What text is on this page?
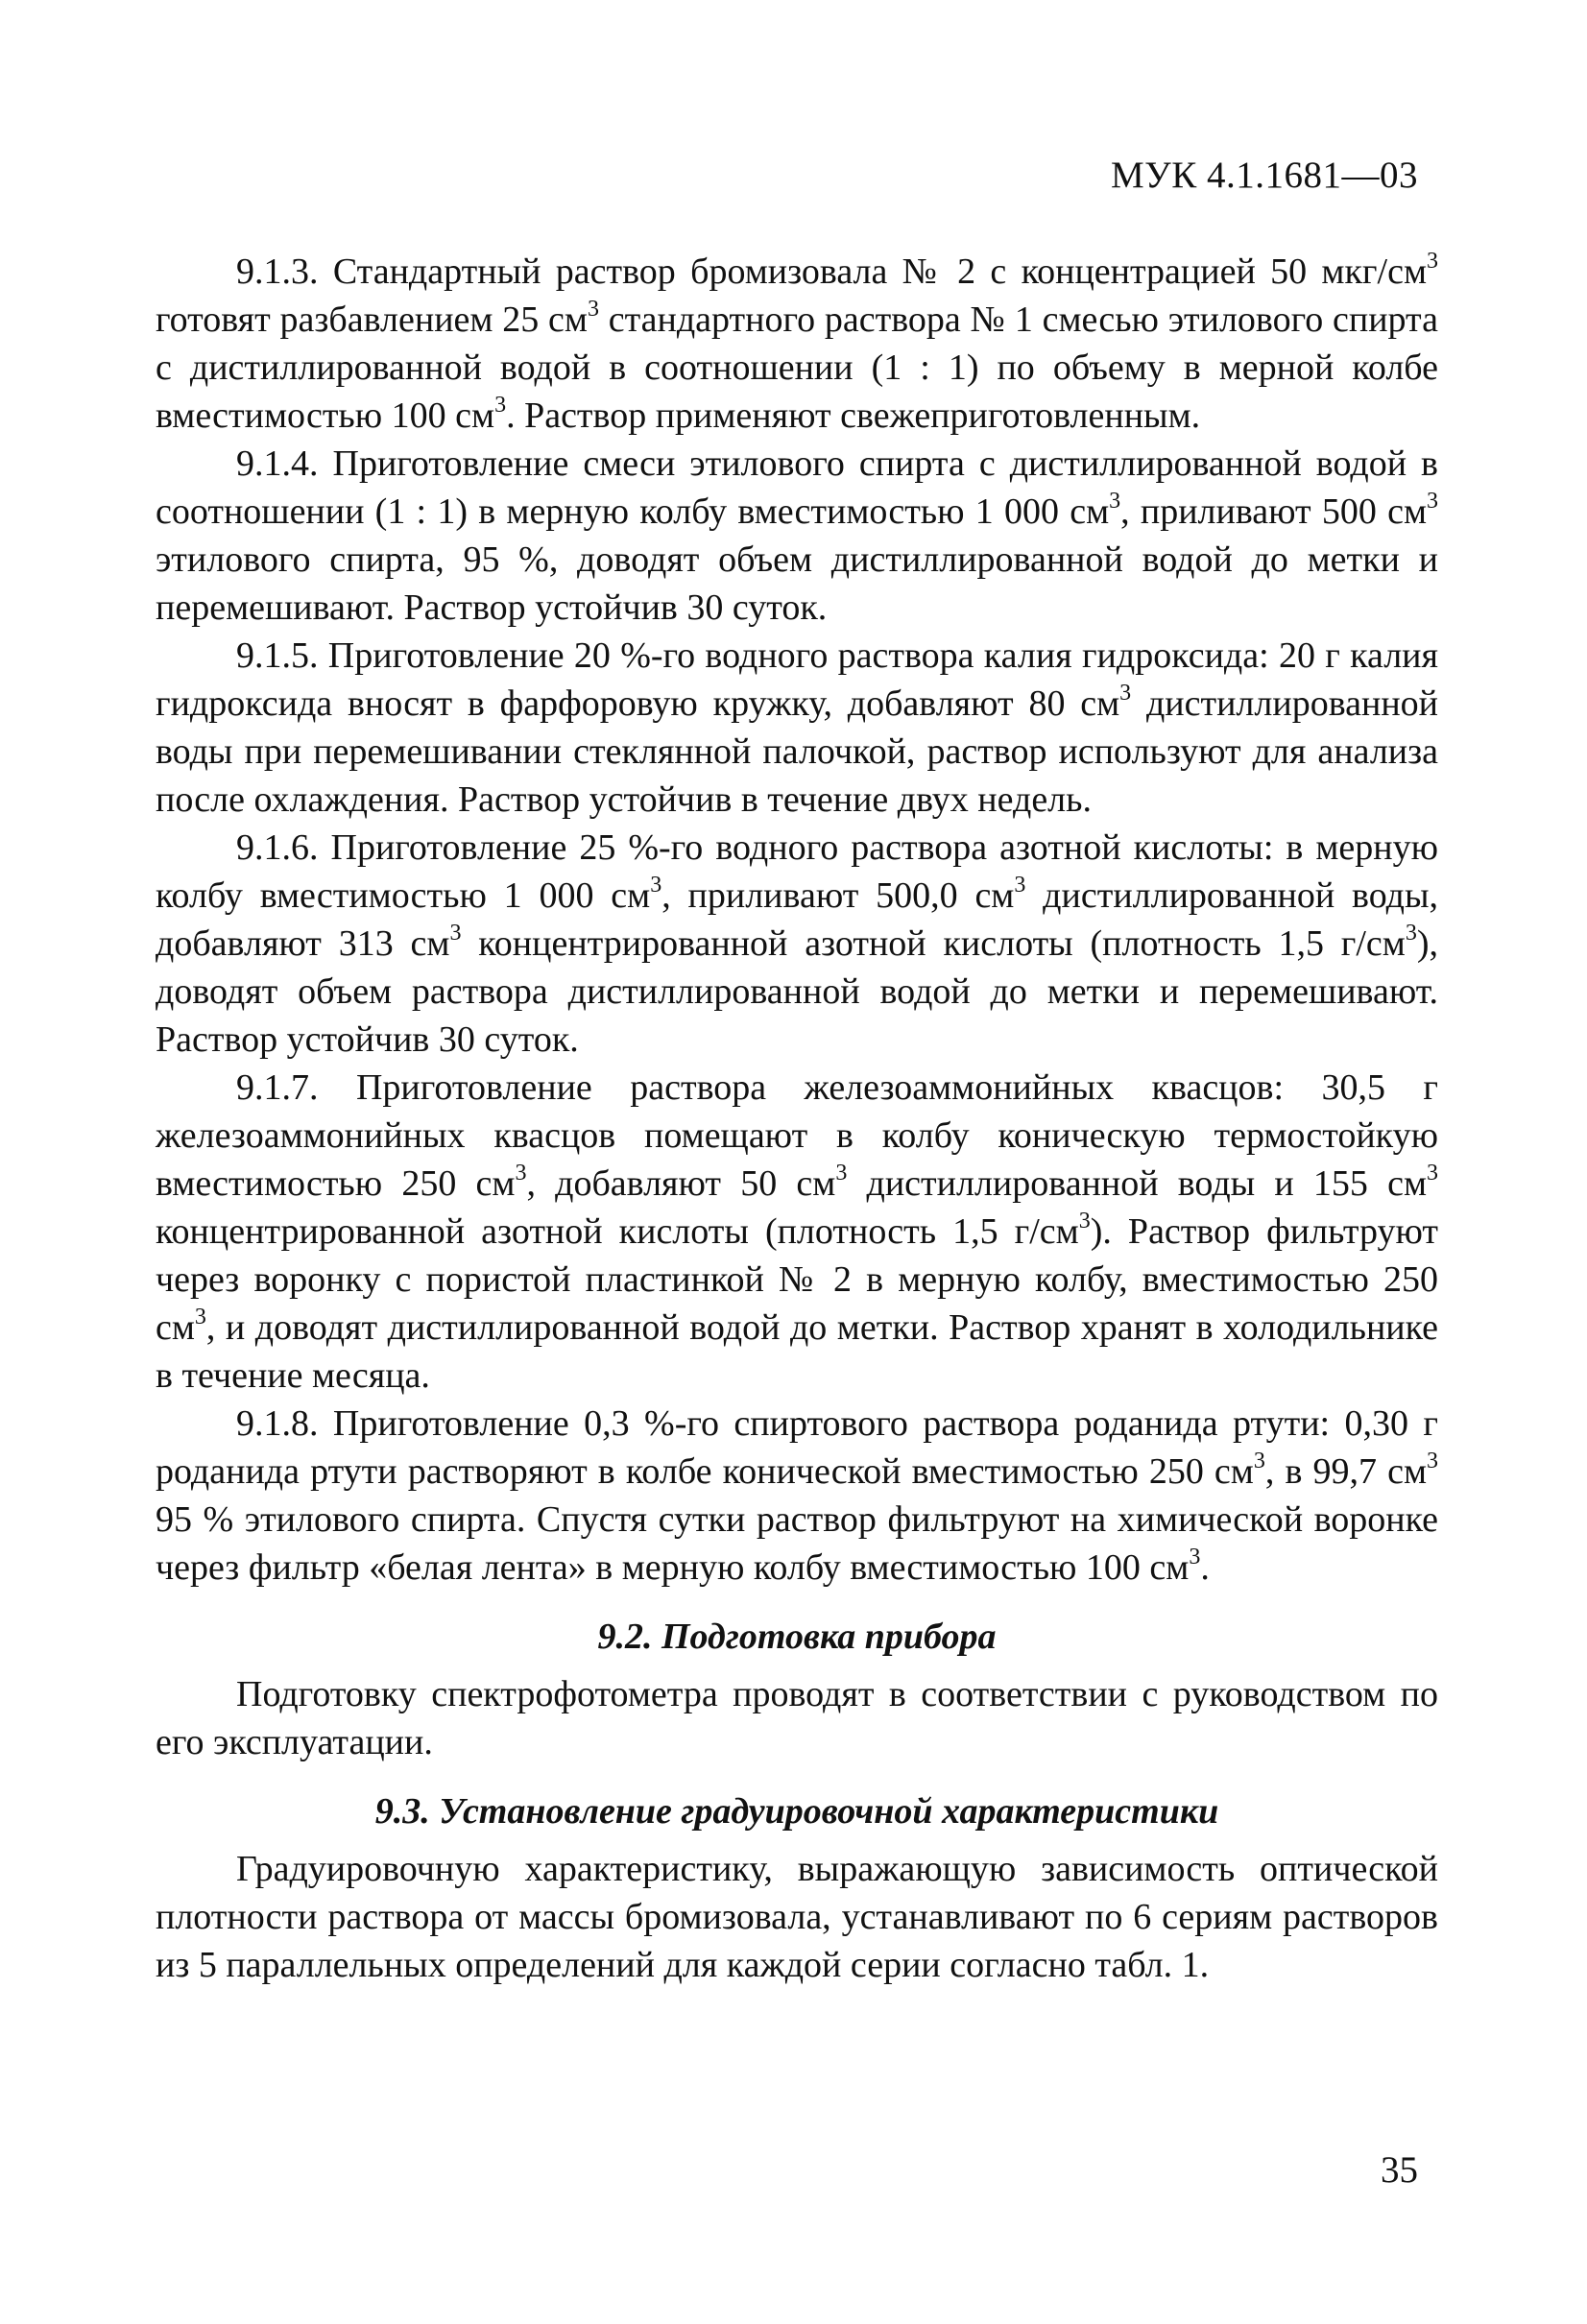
МУК 4.1.1681—03

9.1.3. Стандартный раствор бромизовала № 2 с концентрацией 50 мкг/$см^3$ готовят разбавлением 25 $см^3$ стандартного раствора № 1 смесью этилового спирта с дистиллированной водой в соотношении (1 : 1) по объему в мерной колбе вместимостью 100 $см^3$. Раствор применяют свежеприготовленным.

9.1.4. Приготовление смеси этилового спирта с дистиллированной водой в соотношении (1 : 1) в мерную колбу вместимостью 1 000 $см^3$, приливают 500 $см^3$ этилового спирта, 95 %, доводят объем дистиллированной водой до метки и перемешивают. Раствор устойчив 30 суток.

9.1.5. Приготовление 20 %-го водного раствора калия гидроксида: 20 г калия гидроксида вносят в фарфоровую кружку, добавляют 80 $см^3$ дистиллированной воды при перемешивании стеклянной палочкой, раствор используют для анализа после охлаждения. Раствор устойчив в течение двух недель.

9.1.6. Приготовление 25 %-го водного раствора азотной кислоты: в мерную колбу вместимостью 1 000 $см^3$, приливают 500,0 $см^3$ дистиллированной воды, добавляют 313 $см^3$ концентрированной азотной кислоты (плотность 1,5 $г/см^3$), доводят объем раствора дистиллированной водой до метки и перемешивают. Раствор устойчив 30 суток.

9.1.7. Приготовление раствора железоаммонийных квасцов: 30,5 г железоаммонийных квасцов помещают в колбу коническую термостойкую вместимостью 250 $см^3$, добавляют 50 $см^3$ дистиллированной воды и 155 $см^3$ концентрированной азотной кислоты (плотность 1,5 $г/см^3$). Раствор фильтруют через воронку с пористой пластинкой № 2 в мерную колбу, вместимостью 250 $см^3$, и доводят дистиллированной водой до метки. Раствор хранят в холодильнике в течение месяца.

9.1.8. Приготовление 0,3 %-го спиртового раствора роданида ртути: 0,30 г роданида ртути растворяют в колбе конической вместимостью 250 $см^3$, в 99,7 $см^3$ 95 % этилового спирта. Спустя сутки раствор фильтруют на химической воронке через фильтр «белая лента» в мерную колбу вместимостью 100 $см^3$.

9.2. Подготовка прибора

Подготовку спектрофотометра проводят в соответствии с руководством по его эксплуатации.

9.3. Установление градуировочной характеристики

Градуировочную характеристику, выражающую зависимость оптической плотности раствора от массы бромизовала, устанавливают по 6 сериям растворов из 5 параллельных определений для каждой серии согласно табл. 1.

35
